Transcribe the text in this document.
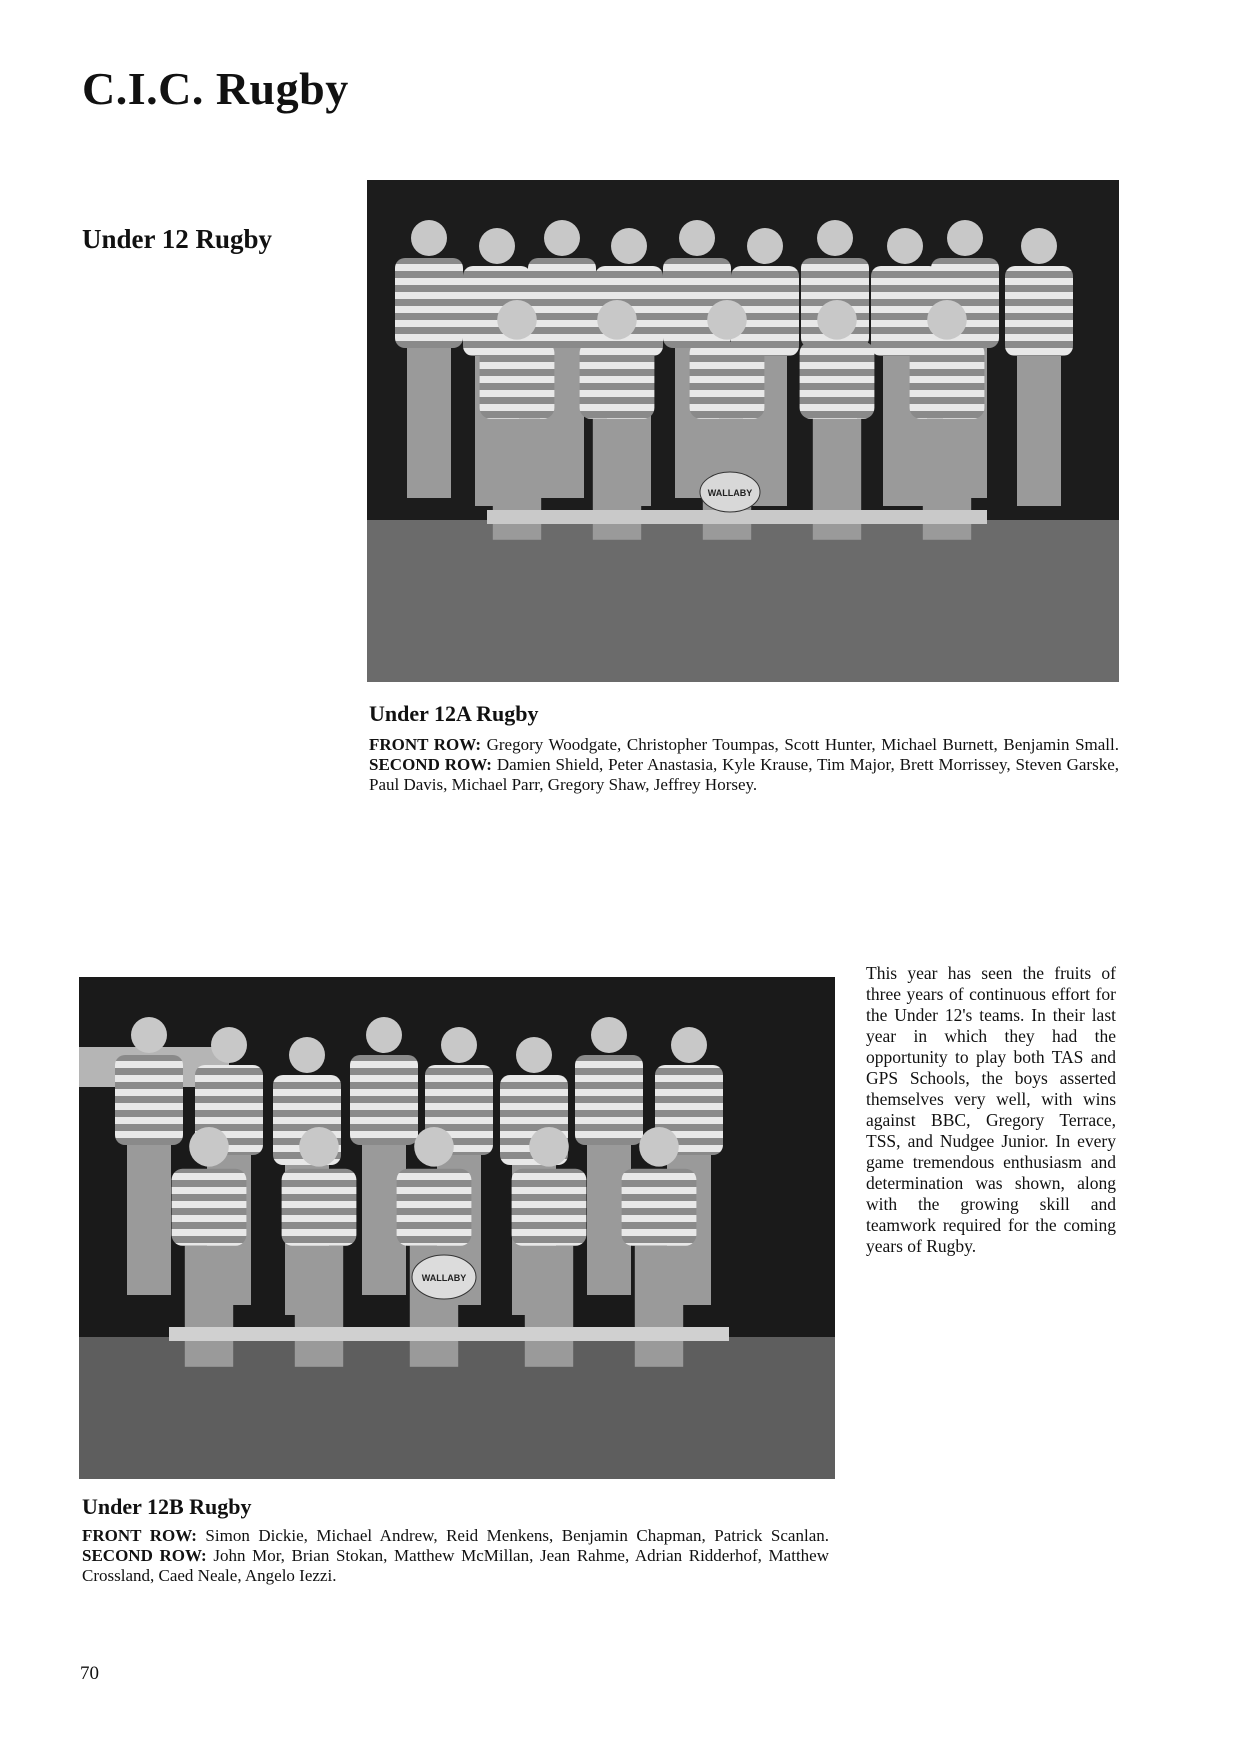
C.I.C. Rugby
Under 12 Rugby
WALLABY
Under 12A Rugby
FRONT ROW: Gregory Woodgate, Christopher Toumpas, Scott Hunter, Michael Burnett, Benjamin Small. SECOND ROW: Damien Shield, Peter Anastasia, Kyle Krause, Tim Major, Brett Morrissey, Steven Garske, Paul Davis, Michael Parr, Gregory Shaw, Jeffrey Horsey.
WALLABY
This year has seen the fruits of three years of continuous effort for the Under 12's teams. In their last year in which they had the opportunity to play both TAS and GPS Schools, the boys asserted themselves very well, with wins against BBC, Gregory Terrace, TSS, and Nudgee Junior. In every game tremendous enthusiasm and determination was shown, along with the growing skill and teamwork required for the coming years of Rugby.
Under 12B Rugby
FRONT ROW: Simon Dickie, Michael Andrew, Reid Menkens, Benjamin Chapman, Patrick Scanlan. SECOND ROW: John Mor, Brian Stokan, Matthew McMillan, Jean Rahme, Adrian Ridderhof, Matthew Crossland, Caed Neale, Angelo Iezzi.
70
